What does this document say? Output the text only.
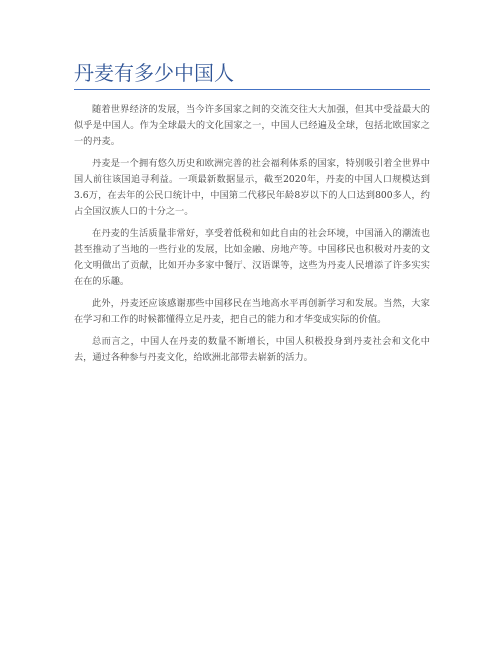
丹麦有多少中国人

随着世界经济的发展，当今许多国家之间的交流交往大大加强，但其中受益最大的似乎是中国人。作为全球最大的文化国家之一，中国人已经遍及全球，包括北欧国家之一的丹麦。

丹麦是一个拥有悠久历史和欧洲完善的社会福利体系的国家，特别吸引着全世界中国人前往该国追寻利益。一项最新数据显示，截至2020年，丹麦的中国人口规模达到3.6万，在去年的公民口统计中，中国第二代移民年龄8岁以下的人口达到800多人，约占全国汉族人口的十分之一。

在丹麦的生活质量非常好，享受着低税和如此自由的社会环境，中国涌入的潮流也甚至推动了当地的一些行业的发展，比如金融、房地产等。中国移民也积极对丹麦的文化文明做出了贡献，比如开办多家中餐厅、汉语课等，这些为丹麦人民增添了许多实实在在的乐趣。

此外，丹麦还应该感谢那些中国移民在当地高水平再创新学习和发展。当然，大家在学习和工作的时候都懂得立足丹麦，把自己的能力和才华变成实际的价值。

总而言之，中国人在丹麦的数量不断增长，中国人积极投身到丹麦社会和文化中去，通过各种参与丹麦文化，给欧洲北部带去崭新的活力。
